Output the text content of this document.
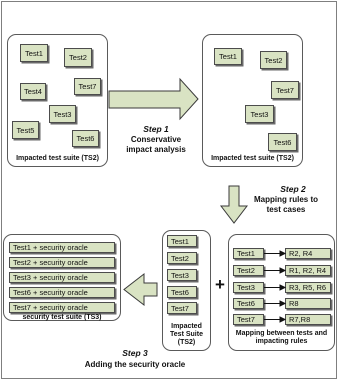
Test1	Test2
Test4
Test7
Test3
Test5
Test6
Impacted test suite (TS2)
Step 1
Conservative
impact analysis
Test1	Test2
Test7
Test3
Test6
Impacted test suite (TS2)
Step 2
Mapping rules to
test cases
Test1 + security oracle
Test2 + security oracle
Test3 + security oracle
Test6 + security oracle
Test7 + security oracle
security test suite (TS3)
Test1
Test2
Test3
Test6
Test7
Impacted
Test Suite
(TS2)
+
Test1
Test2
Test3
Test6
Test7
R2, R4
R1, R2, R4
R3, R5, R6
R8
R7,R8
Mapping between tests and
impacting rules
Step 3
Adding the security oracle
